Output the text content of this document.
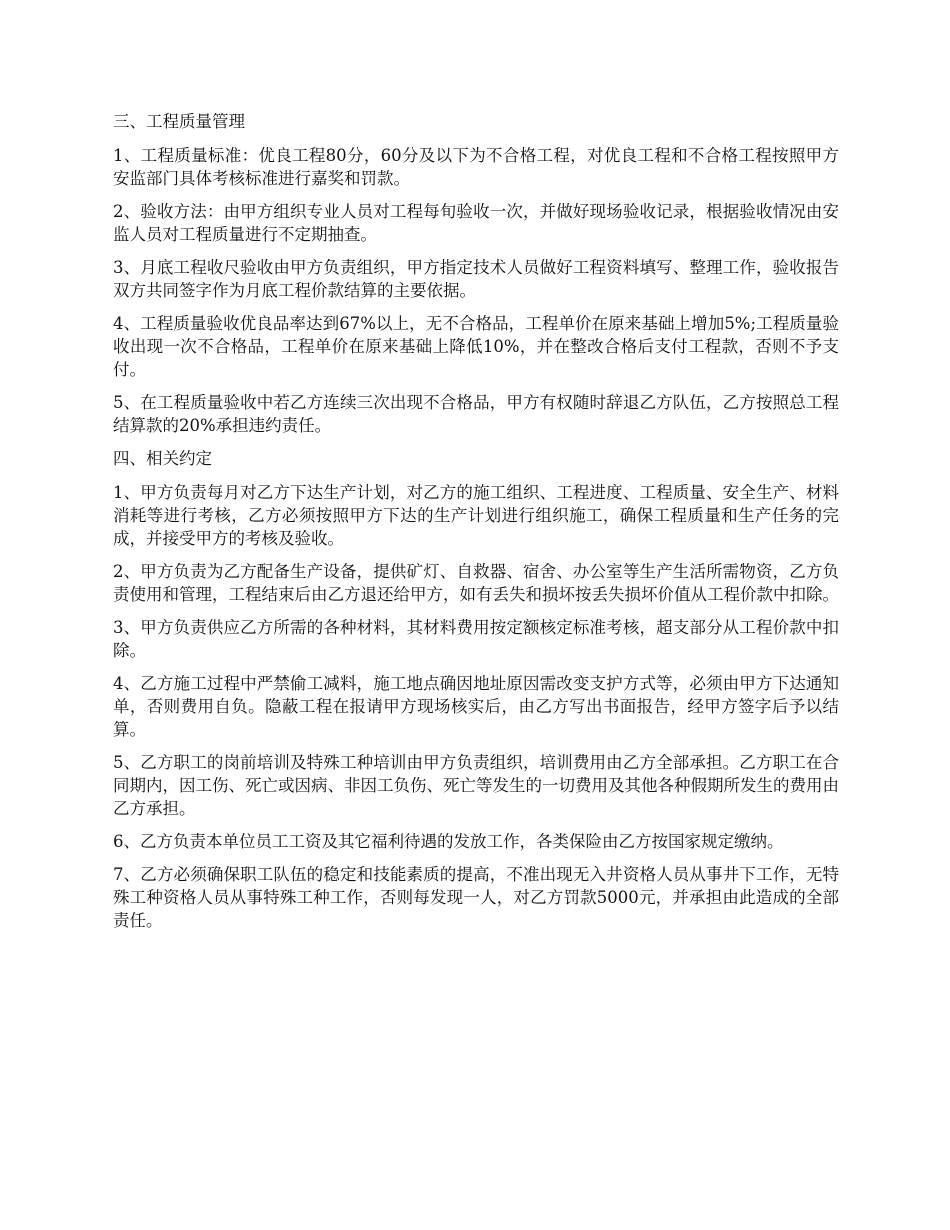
三、工程质量管理

1、工程质量标准：优良工程80分，60分及以下为不合格工程，对优良工程和不合格工程按照甲方安监部门具体考核标准进行嘉奖和罚款。

2、验收方法：由甲方组织专业人员对工程每旬验收一次，并做好现场验收记录，根据验收情况由安监人员对工程质量进行不定期抽查。

3、月底工程收尺验收由甲方负责组织，甲方指定技术人员做好工程资料填写、整理工作，验收报告双方共同签字作为月底工程价款结算的主要依据。

4、工程质量验收优良品率达到67%以上，无不合格品，工程单价在原来基础上增加5%;工程质量验收出现一次不合格品，工程单价在原来基础上降低10%，并在整改合格后支付工程款，否则不予支付。

5、在工程质量验收中若乙方连续三次出现不合格品，甲方有权随时辞退乙方队伍，乙方按照总工程结算款的20%承担违约责任。

四、相关约定

1、甲方负责每月对乙方下达生产计划，对乙方的施工组织、工程进度、工程质量、安全生产、材料消耗等进行考核，乙方必须按照甲方下达的生产计划进行组织施工，确保工程质量和生产任务的完成，并接受甲方的考核及验收。

2、甲方负责为乙方配备生产设备，提供矿灯、自救器、宿舍、办公室等生产生活所需物资，乙方负责使用和管理，工程结束后由乙方退还给甲方，如有丢失和损坏按丢失损坏价值从工程价款中扣除。

3、甲方负责供应乙方所需的各种材料，其材料费用按定额核定标准考核，超支部分从工程价款中扣除。

4、乙方施工过程中严禁偷工减料，施工地点确因地址原因需改变支护方式等，必须由甲方下达通知单，否则费用自负。隐蔽工程在报请甲方现场核实后，由乙方写出书面报告，经甲方签字后予以结算。

5、乙方职工的岗前培训及特殊工种培训由甲方负责组织，培训费用由乙方全部承担。乙方职工在合同期内，因工伤、死亡或因病、非因工负伤、死亡等发生的一切费用及其他各种假期所发生的费用由乙方承担。

6、乙方负责本单位员工工资及其它福利待遇的发放工作，各类保险由乙方按国家规定缴纳。

7、乙方必须确保职工队伍的稳定和技能素质的提高，不准出现无入井资格人员从事井下工作，无特殊工种资格人员从事特殊工种工作，否则每发现一人，对乙方罚款5000元，并承担由此造成的全部责任。
